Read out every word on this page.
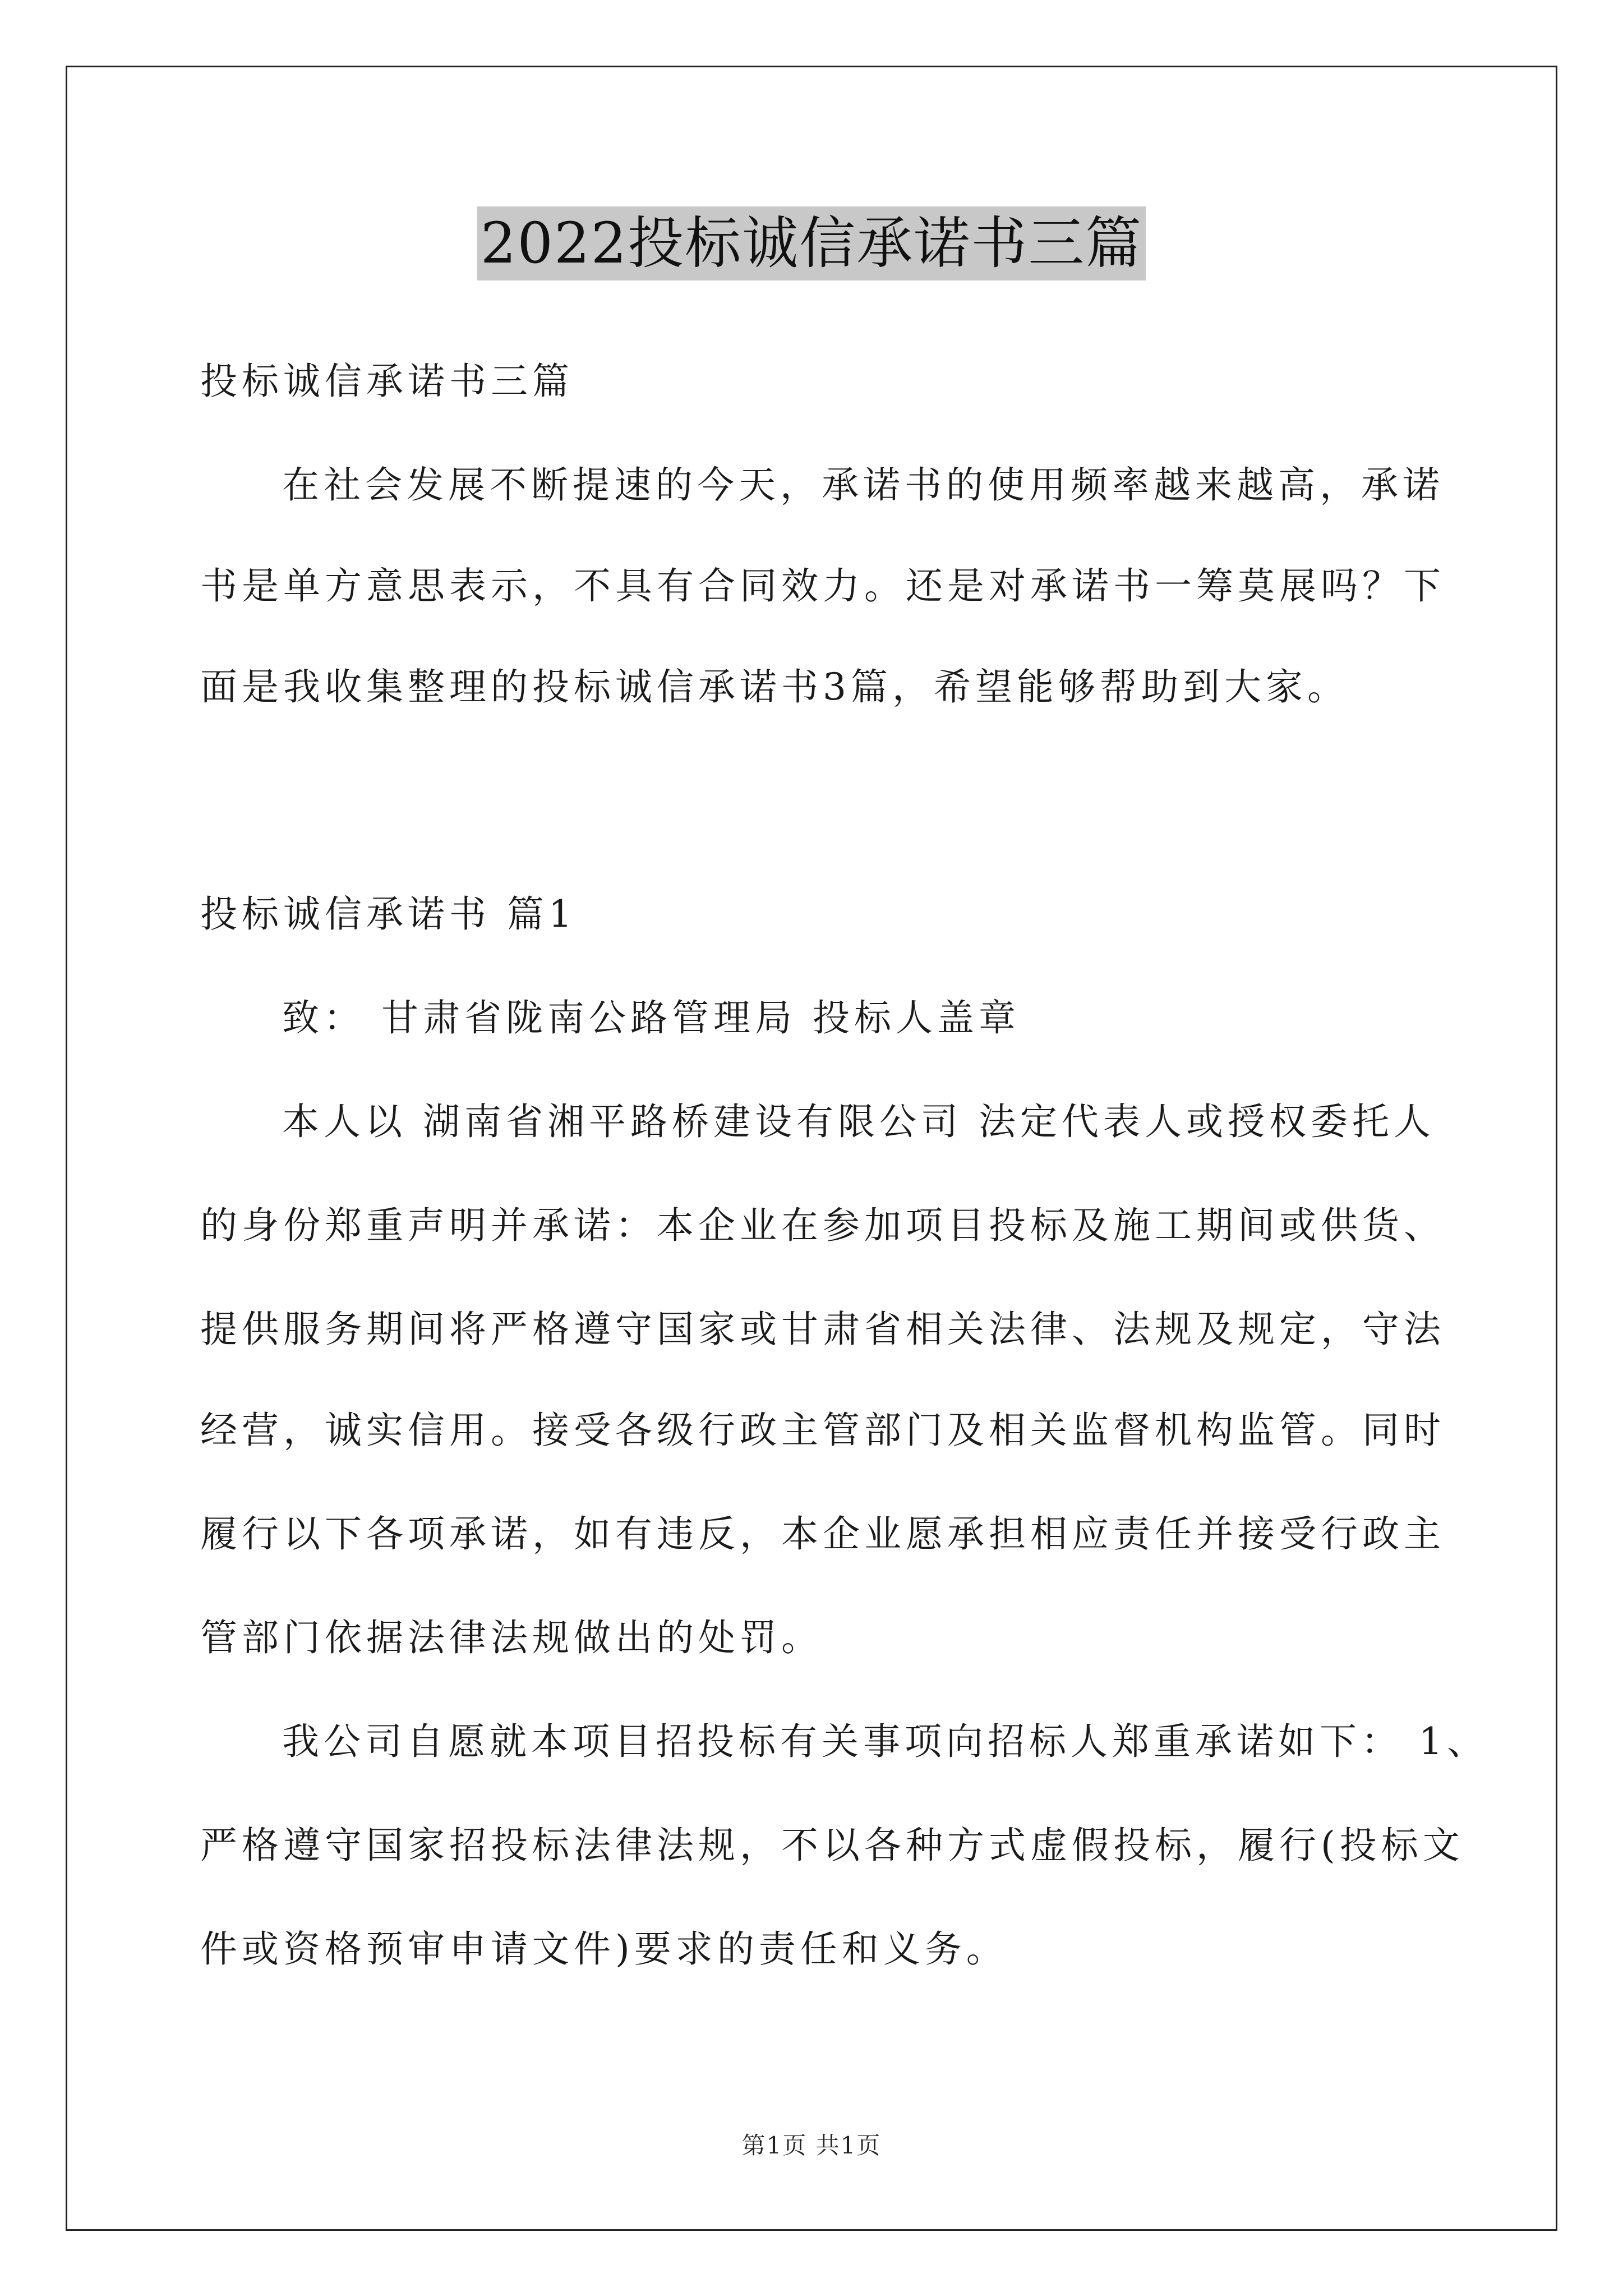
2022投标诚信承诺书三篇
投标诚信承诺书三篇
在社会发展不断提速的今天，承诺书的使用频率越来越高，承诺
书是单方意思表示，不具有合同效力。还是对承诺书一筹莫展吗？下
面是我收集整理的投标诚信承诺书3篇，希望能够帮助到大家。
投标诚信承诺书 篇1
致： 甘肃省陇南公路管理局 投标人盖章
本人以 湖南省湘平路桥建设有限公司 法定代表人或授权委托人
的身份郑重声明并承诺：本企业在参加项目投标及施工期间或供货、
提供服务期间将严格遵守国家或甘肃省相关法律、法规及规定，守法
经营，诚实信用。接受各级行政主管部门及相关监督机构监管。同时
履行以下各项承诺，如有违反，本企业愿承担相应责任并接受行政主
管部门依据法律法规做出的处罚。
我公司自愿就本项目招投标有关事项向招标人郑重承诺如下： 1、
严格遵守国家招投标法律法规，不以各种方式虚假投标，履行(投标文
件或资格预审申请文件)要求的责任和义务。
第1页 共1页
